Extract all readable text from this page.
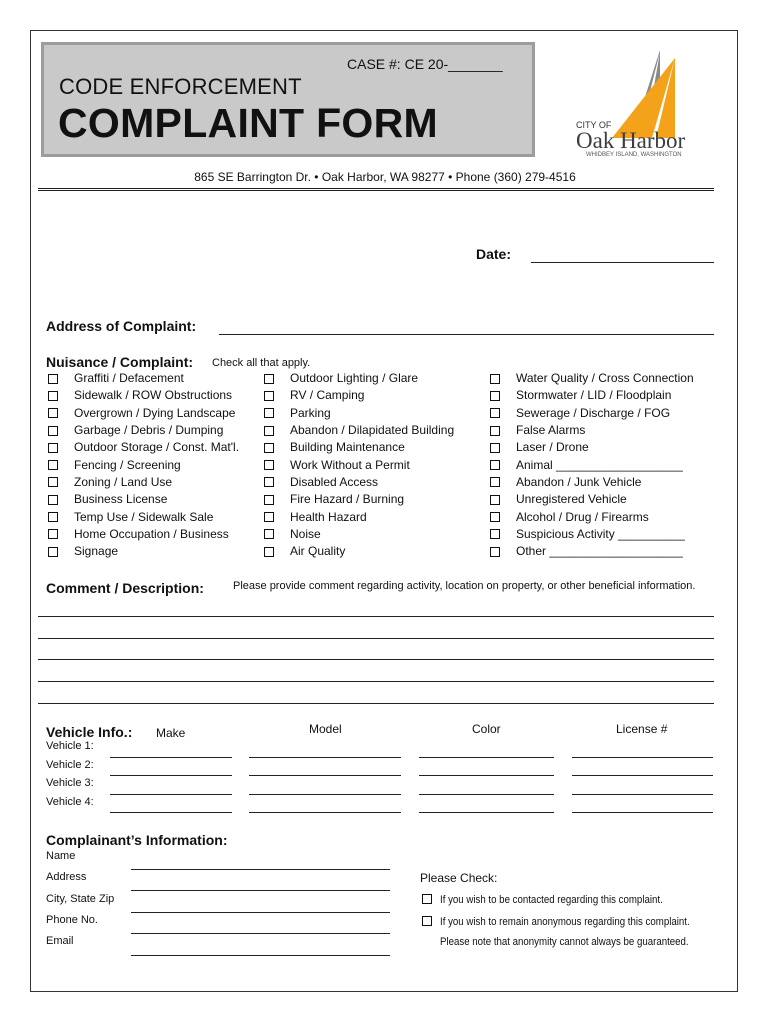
CASE #: CE 20-_______
CODE ENFORCEMENT
COMPLAINT FORM	CITY OF
Oak Harbor
WHIDBEY ISLAND, WASHINGTON
865 SE Barrington Dr. • Oak Harbor, WA 98277 • Phone (360) 279-4516
Date:
Address of Complaint:
Nuisance / Complaint: Check all that apply.
Graffiti / Defacement
Sidewalk / ROW Obstructions
Overgrown / Dying Landscape
Garbage / Debris / Dumping
Outdoor Storage / Const. Mat'l.
Fencing / Screening
Zoning / Land Use
Business License
Temp Use / Sidewalk Sale
Home Occupation / Business
Signage
Outdoor Lighting / Glare
RV / Camping
Parking
Abandon / Dilapidated Building
Building Maintenance
Work Without a Permit
Disabled Access
Fire Hazard / Burning
Health Hazard
Noise
Air Quality
Water Quality / Cross Connection
Stormwater / LID / Floodplain
Sewerage / Discharge / FOG
False Alarms
Laser / Drone
Animal ___________________
Abandon / Junk Vehicle
Unregistered Vehicle
Alcohol / Drug / Firearms
Suspicious Activity __________
Other ____________________
Comment / Description:	Please provide comment regarding activity, location on property, or other beneficial information.
Vehicle Info.: Make	Model	Color	License #
Vehicle 1:
Vehicle 2:
Vehicle 3:
Vehicle 4:
Complainant’s Information:
Name
Address
City, State Zip
Phone No.
Email
Please Check:
If you wish to be contacted regarding this complaint.
If you wish to remain anonymous regarding this complaint.
Please note that anonymity cannot always be guaranteed.
